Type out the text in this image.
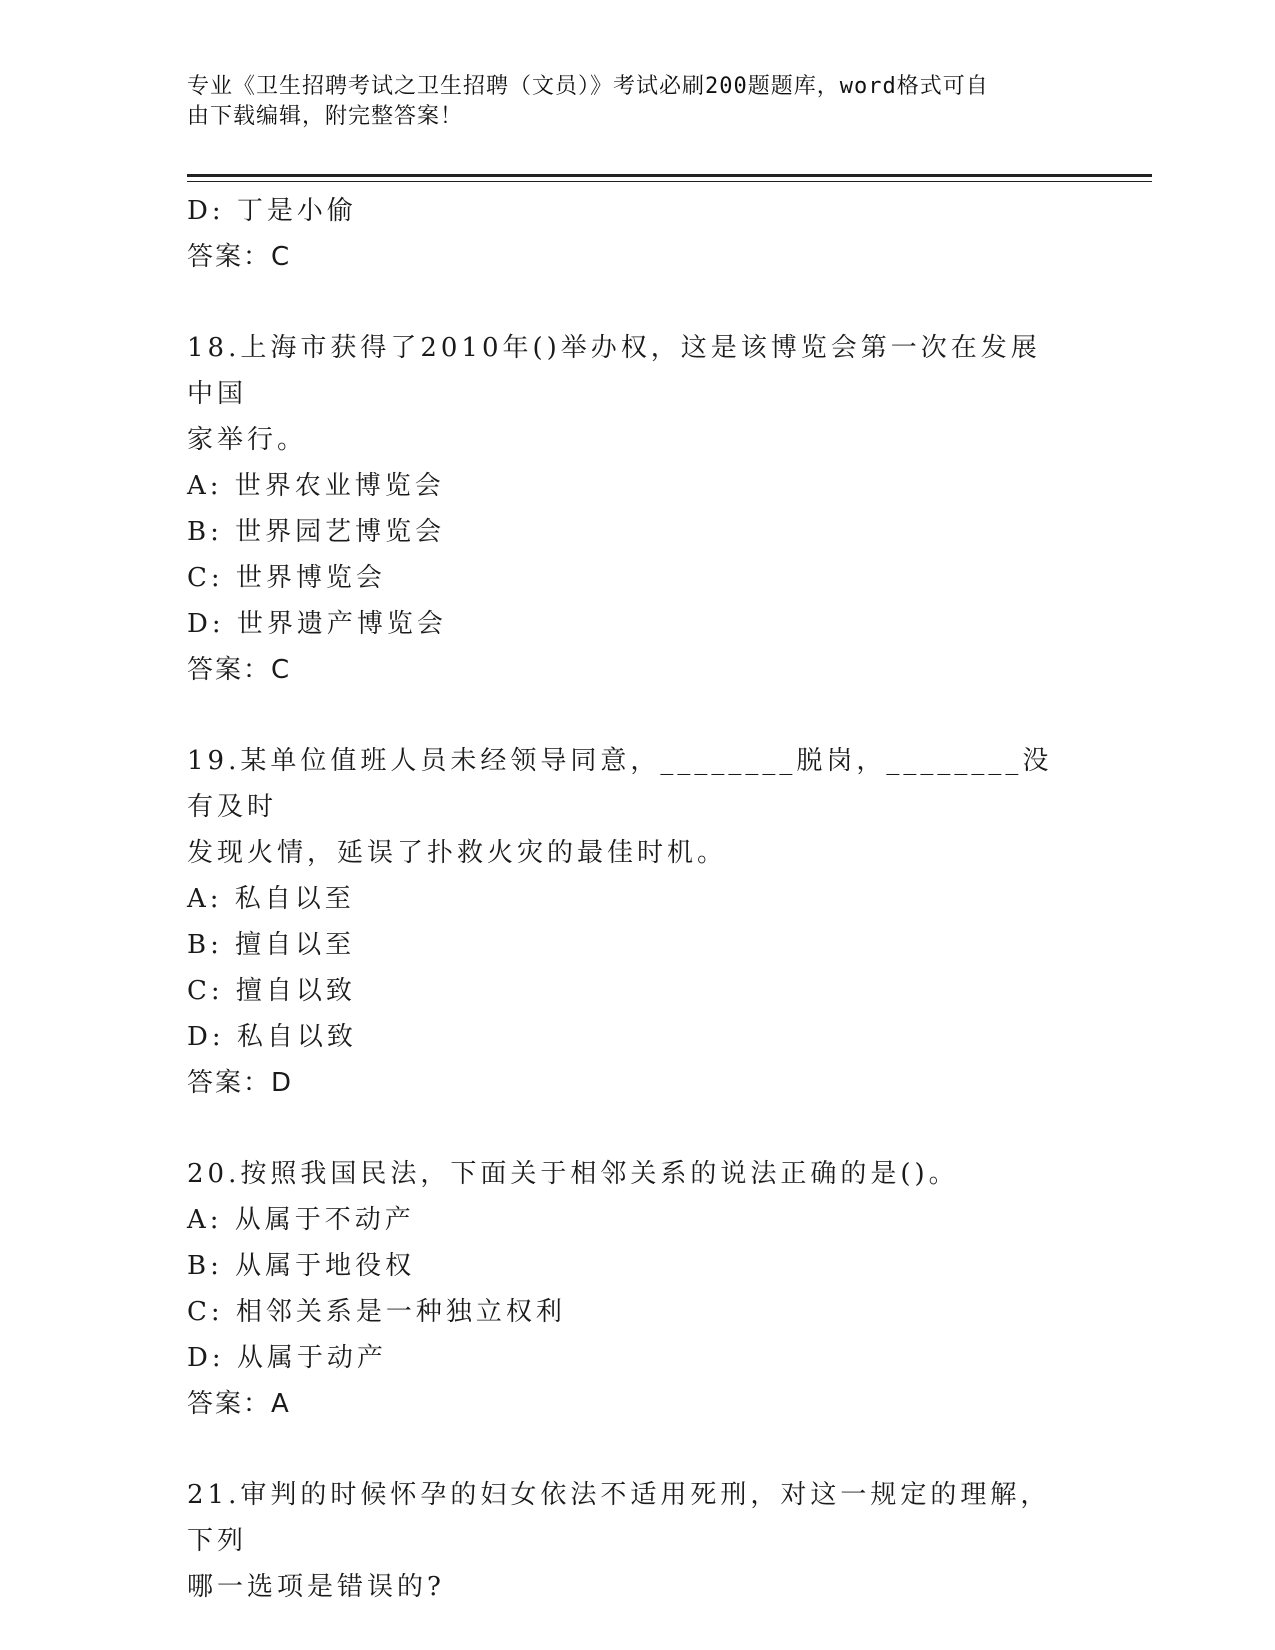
专业《卫生招聘考试之卫生招聘（文员）》考试必刷200题题库，word格式可自
由下载编辑，附完整答案！
D: 丁是小偷
答案：C
18.上海市获得了2010年()举办权，这是该博览会第一次在发展中国
家举行。
A: 世界农业博览会
B: 世界园艺博览会
C: 世界博览会
D: 世界遗产博览会
答案：C
19.某单位值班人员未经领导同意，________脱岗，________没有及时
发现火情，延误了扑救火灾的最佳时机。
A: 私自以至
B: 擅自以至
C: 擅自以致
D: 私自以致
答案：D
20.按照我国民法，下面关于相邻关系的说法正确的是()。
A: 从属于不动产
B: 从属于地役权
C: 相邻关系是一种独立权利
D: 从属于动产
答案：A
21.审判的时候怀孕的妇女依法不适用死刑，对这一规定的理解，下列
哪一选项是错误的?
